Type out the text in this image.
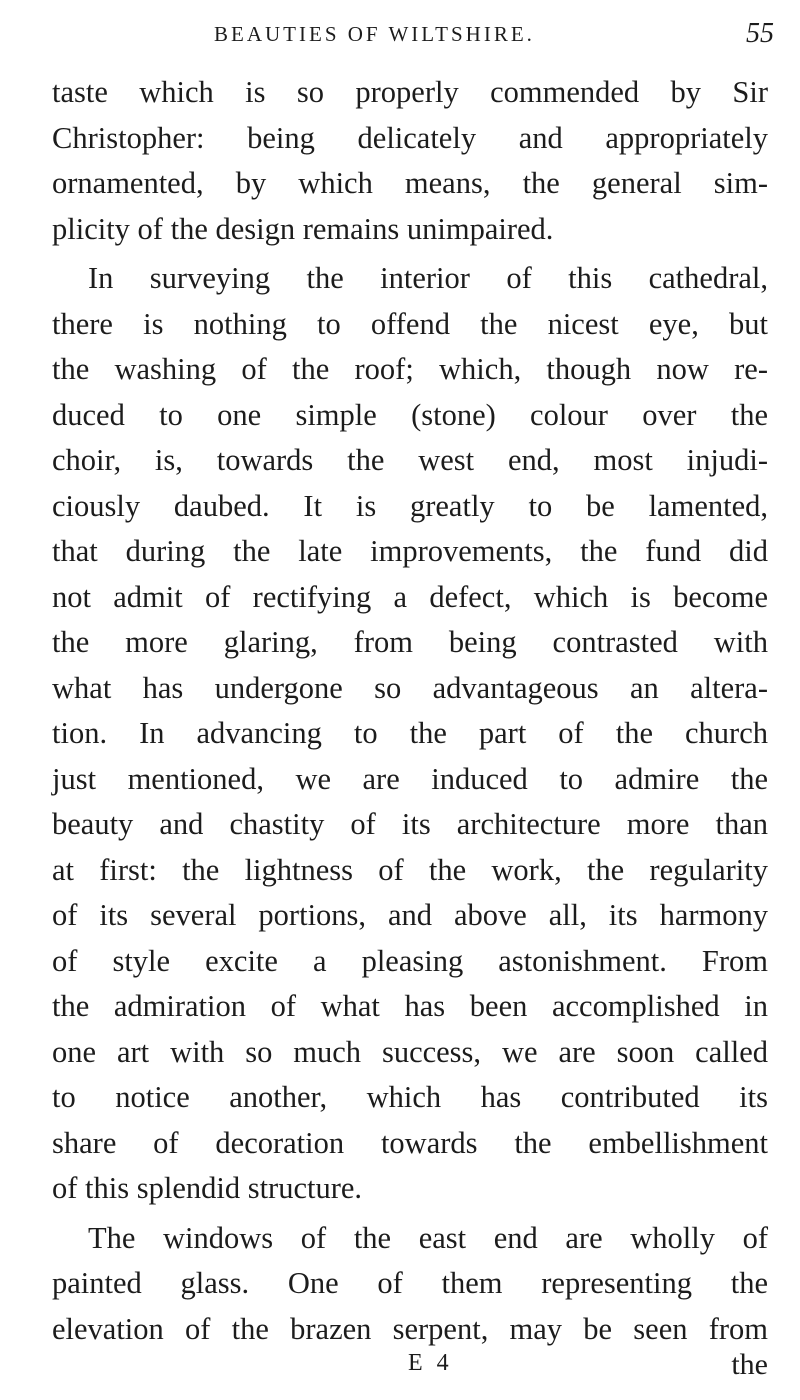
BEAUTIES OF WILTSHIRE.	55
taste which is so properly commended by Sir
Christopher: being delicately and appropriately
ornamented, by which means, the general sim-
plicity of the design remains unimpaired.
In surveying the interior of this cathedral,
there is nothing to offend the nicest eye, but
the washing of the roof; which, though now re-
duced to one simple (stone) colour over the
choir, is, towards the west end, most injudi-
ciously daubed. It is greatly to be lamented,
that during the late improvements, the fund did
not admit of rectifying a defect, which is become
the more glaring, from being contrasted with
what has undergone so advantageous an altera-
tion. In advancing to the part of the church
just mentioned, we are induced to admire the
beauty and chastity of its architecture more than
at first: the lightness of the work, the regularity
of its several portions, and above all, its harmony
of style excite a pleasing astonishment. From
the admiration of what has been accomplished in
one art with so much success, we are soon called
to notice another, which has contributed its
share of decoration towards the embellishment
of this splendid structure.
The windows of the east end are wholly of
painted glass. One of them representing the
elevation of the brazen serpent, may be seen from
E 4	the
